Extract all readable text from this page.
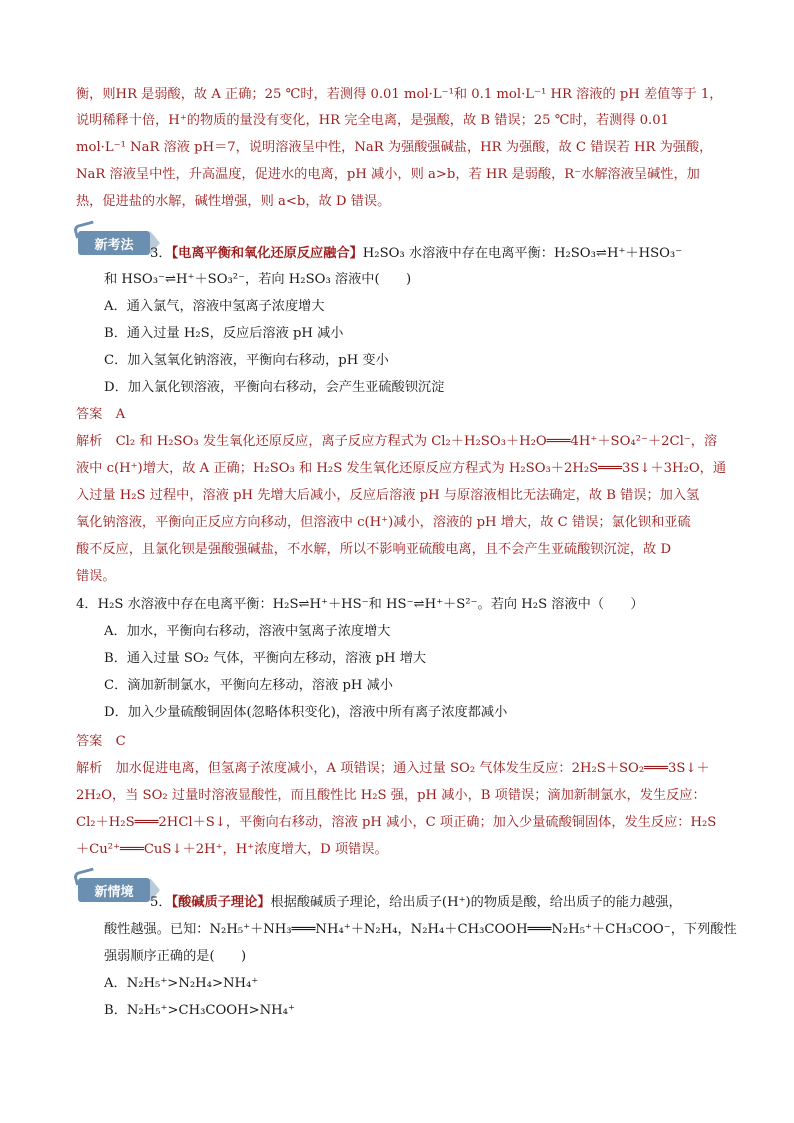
衡，则HR 是弱酸，故 A 正确；25 ℃时，若测得 0.01 mol·L⁻¹和 0.1 mol·L⁻¹ HR 溶液的 pH 差值等于 1，
说明稀释十倍，H⁺的物质的量没有变化，HR 完全电离，是强酸，故 B 错误；25 ℃时，若测得 0.01
mol·L⁻¹ NaR 溶液 pH＝7，说明溶液呈中性，NaR 为强酸强碱盐，HR 为强酸，故 C 错误若 HR 为强酸，
NaR 溶液呈中性，升高温度，促进水的电离，pH 减小，则 a>b，若 HR 是弱酸，R⁻水解溶液呈碱性，加
热，促进盐的水解，碱性增强，则 a<b，故 D 错误。
新考法
3．【电离平衡和氧化还原反应融合】H₂SO₃ 水溶液中存在电离平衡：H₂SO₃⇌H⁺＋HSO₃⁻
和 HSO₃⁻⇌H⁺＋SO₃²⁻，若向 H₂SO₃ 溶液中(　　)
A．通入氯气，溶液中氢离子浓度增大
B．通入过量 H₂S，反应后溶液 pH 减小
C．加入氢氧化钠溶液，平衡向右移动，pH 变小
D．加入氯化钡溶液，平衡向右移动，会产生亚硫酸钡沉淀
答案　 A
解析　 Cl₂ 和 H₂SO₃ 发生氧化还原反应，离子反应方程式为 Cl₂＋H₂SO₃＋H₂O═══4H⁺＋SO₄²⁻＋2Cl⁻，溶
液中 c(H⁺)增大，故 A 正确；H₂SO₃ 和 H₂S 发生氧化还原反应方程式为 H₂SO₃＋2H₂S═══3S↓＋3H₂O，通
入过量 H₂S 过程中，溶液 pH 先增大后减小，反应后溶液 pH 与原溶液相比无法确定，故 B 错误；加入氢
氧化钠溶液，平衡向正反应方向移动，但溶液中 c(H⁺)减小，溶液的 pH 增大，故 C 错误；氯化钡和亚硫
酸不反应，且氯化钡是强酸强碱盐，不水解，所以不影响亚硫酸电离，且不会产生亚硫酸钡沉淀，故 D
错误。
4．H₂S 水溶液中存在电离平衡：H₂S⇌H⁺＋HS⁻和 HS⁻⇌H⁺＋S²⁻。若向 H₂S 溶液中（　　）
A．加水，平衡向右移动，溶液中氢离子浓度增大
B．通入过量 SO₂ 气体，平衡向左移动，溶液 pH 增大
C．滴加新制氯水，平衡向左移动，溶液 pH 减小
D．加入少量硫酸铜固体(忽略体积变化)，溶液中所有离子浓度都减小
答案　 C
解析　 加水促进电离，但氢离子浓度减小，A 项错误；通入过量 SO₂ 气体发生反应：2H₂S＋SO₂═══3S↓＋
2H₂O，当 SO₂ 过量时溶液显酸性，而且酸性比 H₂S 强，pH 减小，B 项错误；滴加新制氯水，发生反应：
Cl₂＋H₂S═══2HCl＋S↓，平衡向右移动，溶液 pH 减小，C 项正确；加入少量硫酸铜固体，发生反应：H₂S
＋Cu²⁺═══CuS↓＋2H⁺，H⁺浓度增大，D 项错误。
新情境
5．【酸碱质子理论】根据酸碱质子理论，给出质子(H⁺)的物质是酸，给出质子的能力越强，
酸性越强。已知：N₂H₅⁺＋NH₃═══NH₄⁺＋N₂H₄，N₂H₄＋CH₃COOH═══N₂H₅⁺＋CH₃COO⁻，下列酸性
强弱顺序正确的是(　　)
A．N₂H₅⁺>N₂H₄>NH₄⁺
B．N₂H₅⁺>CH₃COOH>NH₄⁺
